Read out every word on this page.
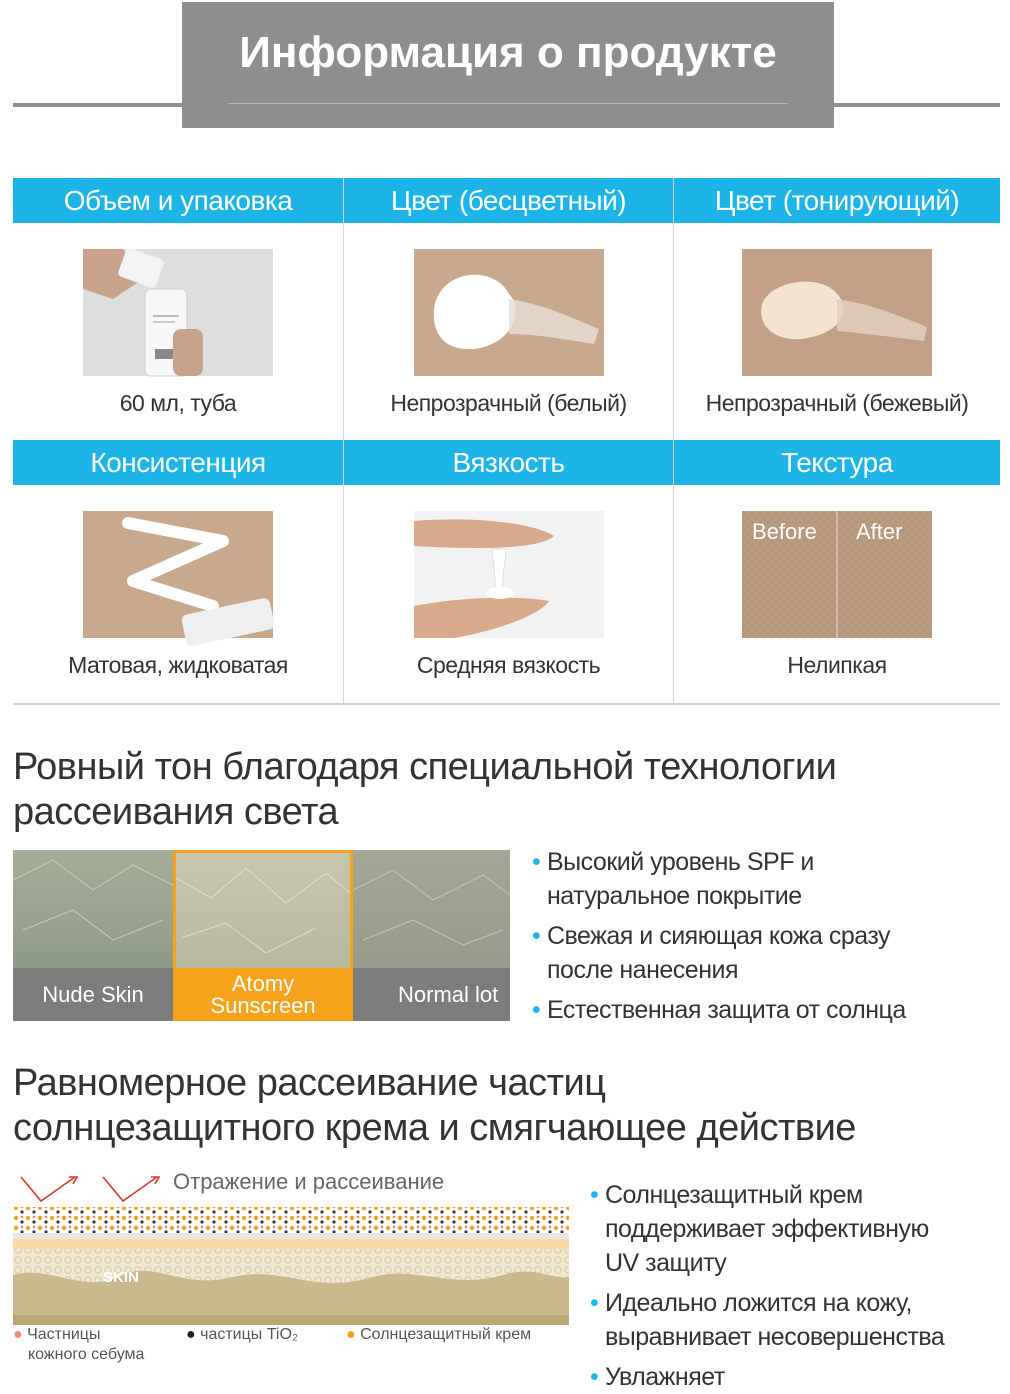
Информация о продукте
Объем и упаковка
60 мл, туба
Цвет (бесцветный)
Непрозрачный (белый)
Цвет (тонирующий)
Непрозрачный (бежевый)
Консистенция
Матовая, жидковатая
Вязкость
Средняя вязкость
Текстура
Before After
Нелипкая
Ровный тон благодаря специальной технологии
рассеивания света
Nude Skin	Atomy
Sunscreen	Normal lot
• Высокий уровень SPF и
натуральное покрытие
• Свежая и сияющая кожа сразу
после нанесения
• Естественная защита от солнца
Равномерное рассеивание частиц
солнцезащитного крема и смягчающее действие
Отражение и рассеивание
SKIN
● Частницы
кожного себума
● частицы TiO₂	● Солнцезащитный крем
• Солнцезащитный крем
поддерживает эффективную
UV защиту
• Идеально ложится на кожу,
выравнивает несовершенства
• Увлажняет
